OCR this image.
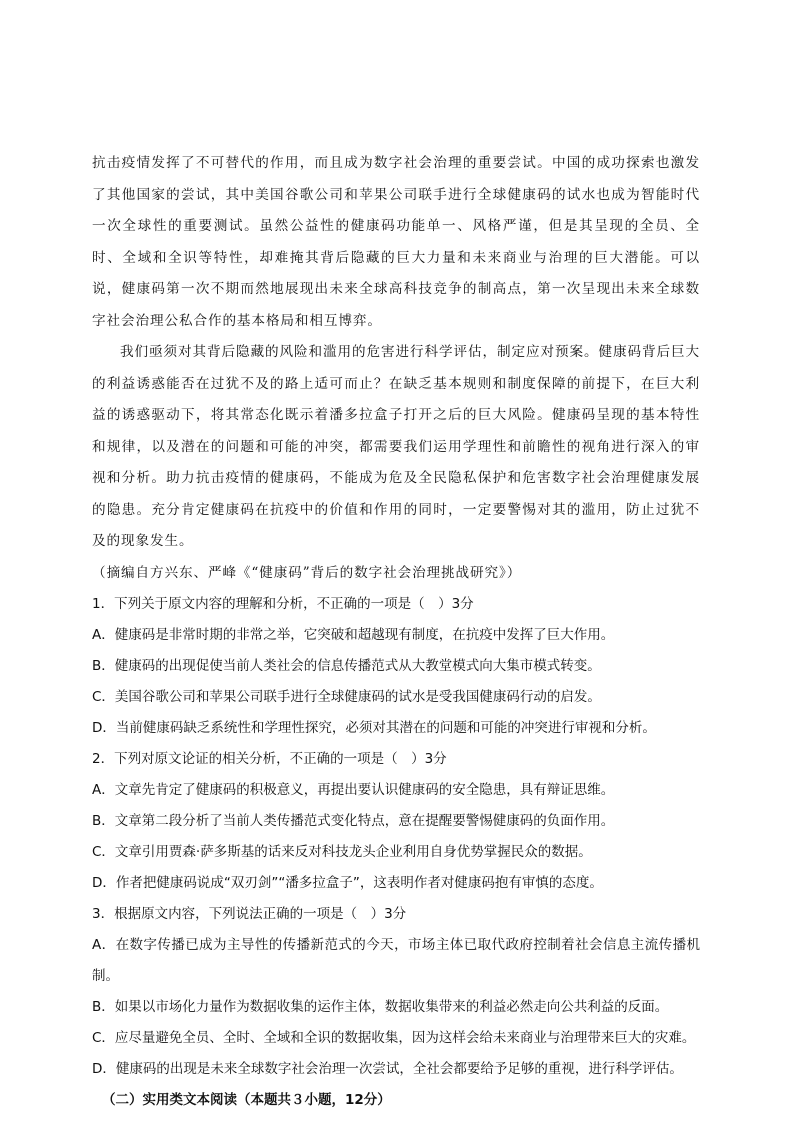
抗击疫情发挥了不可替代的作用，而且成为数字社会治理的重要尝试。中国的成功探索也激发了其他国家的尝试，其中美国谷歌公司和苹果公司联手进行全球健康码的试水也成为智能时代一次全球性的重要测试。虽然公益性的健康码功能单一、风格严谨，但是其呈现的全员、全时、全域和全识等特性，却难掩其背后隐藏的巨大力量和未来商业与治理的巨大潜能。可以说，健康码第一次不期而然地展现出未来全球高科技竞争的制高点，第一次呈现出未来全球数字社会治理公私合作的基本格局和相互博弈。

我们亟须对其背后隐藏的风险和滥用的危害进行科学评估，制定应对预案。健康码背后巨大的利益诱惑能否在过犹不及的路上适可而止？在缺乏基本规则和制度保障的前提下，在巨大利益的诱惑驱动下，将其常态化既示着潘多拉盒子打开之后的巨大风险。健康码呈现的基本特性和规律，以及潜在的问题和可能的冲突，都需要我们运用学理性和前瞻性的视角进行深入的审视和分析。助力抗击疫情的健康码，不能成为危及全民隐私保护和危害数字社会治理健康发展的隐患。充分肯定健康码在抗疫中的价值和作用的同时，一定要警惕对其的滥用，防止过犹不及的现象发生。

（摘编自方兴东、严峰《“健康码”背后的数字社会治理挑战研究》）

1．下列关于原文内容的理解和分析，不正确的一项是（　）3分

A．健康码是非常时期的非常之举，它突破和超越现有制度，在抗疫中发挥了巨大作用。

B．健康码的出现促使当前人类社会的信息传播范式从大教堂模式向大集市模式转变。

C．美国谷歌公司和苹果公司联手进行全球健康码的试水是受我国健康码行动的启发。

D．当前健康码缺乏系统性和学理性探究，必须对其潜在的问题和可能的冲突进行审视和分析。

2．下列对原文论证的相关分析，不正确的一项是（　）3分

A．文章先肯定了健康码的积极意义，再提出要认识健康码的安全隐患，具有辩证思维。

B．文章第二段分析了当前人类传播范式变化特点，意在提醒要警惕健康码的负面作用。

C．文章引用贾森·萨多斯基的话来反对科技龙头企业利用自身优势掌握民众的数据。

D．作者把健康码说成“双刃剑”“潘多拉盒子”，这表明作者对健康码抱有审慎的态度。

3．根据原文内容，下列说法正确的一项是（　）3分

A．在数字传播已成为主导性的传播新范式的今天，市场主体已取代政府控制着社会信息主流传播机制。

B．如果以市场化力量作为数据收集的运作主体，数据收集带来的利益必然走向公共利益的反面。

C．应尽量避免全员、全时、全域和全识的数据收集，因为这样会给未来商业与治理带来巨大的灾难。

D．健康码的出现是未来全球数字社会治理一次尝试，全社会都要给予足够的重视，进行科学评估。

（二）实用类文本阅读（本题共３小题，12分）
